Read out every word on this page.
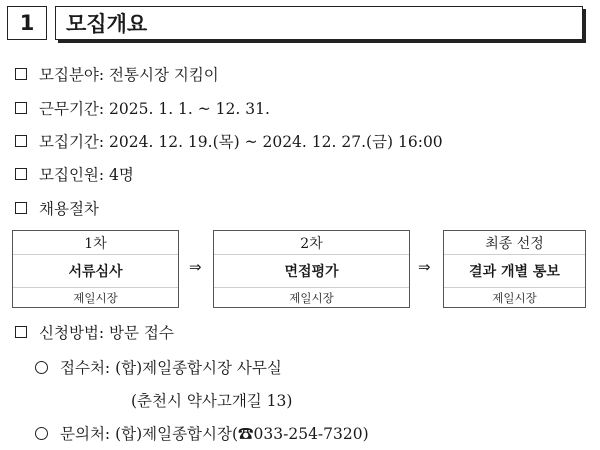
1	모집개요
모집분야: 전통시장 지킴이
근무기간: 2025. 1. 1. ~ 12. 31.
모집기간: 2024. 12. 19.(목) ~ 2024. 12. 27.(금) 16:00
모집인원: 4명
채용절차
1차
서류심사
제일시장
⇒
2차
면접평가
제일시장
⇒
최종 선정
결과 개별 통보
제일시장
신청방법: 방문 접수
접수처: (합)제일종합시장 사무실
(춘천시 약사고개길 13)
문의처: (합)제일종합시장(☎033-254-7320)
